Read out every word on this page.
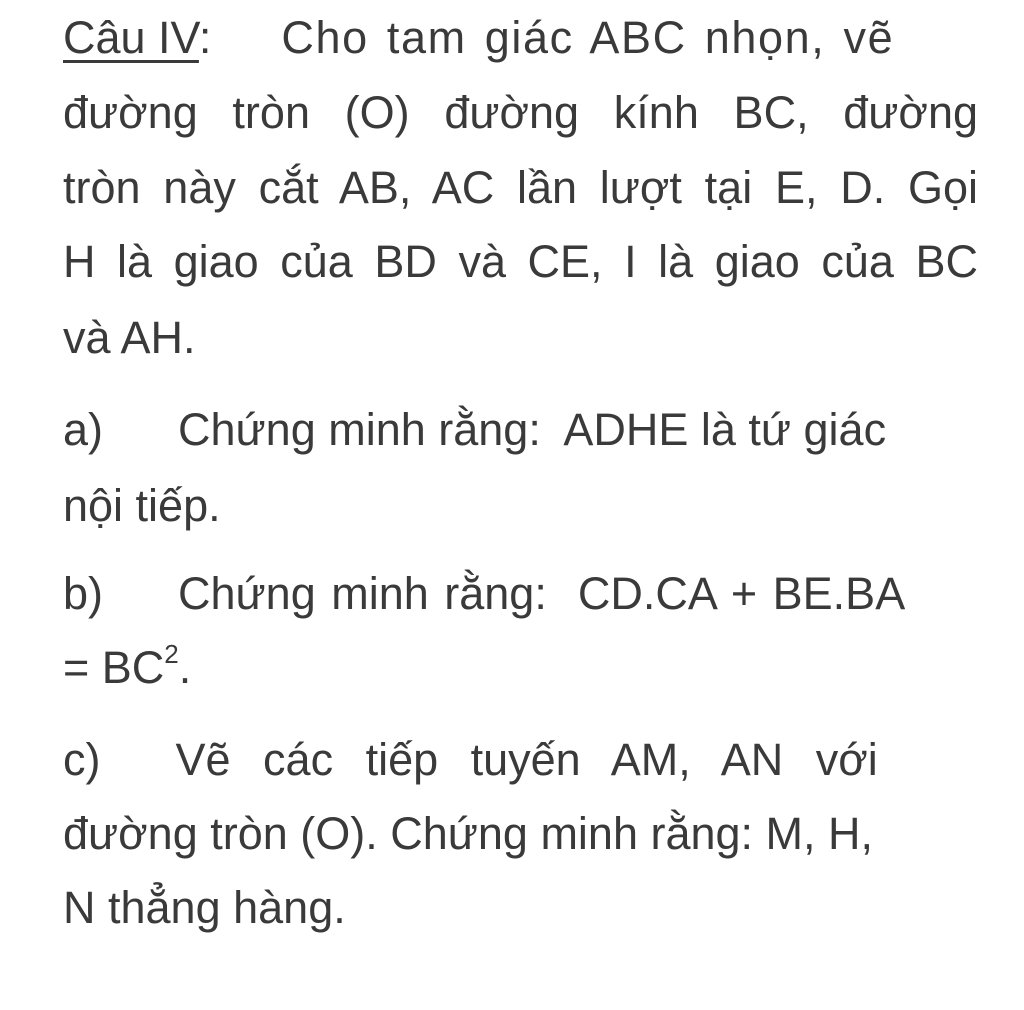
Câu IV: Cho tam giác ABC nhọn, vẽ
đường tròn (O) đường kính BC, đường
tròn này cắt AB, AC lần lượt tại E, D. Gọi
H là giao của BD và CE, I là giao của BC
và AH.
a) Chứng minh rằng:  ADHE là tứ giác
nội tiếp.
b) Chứng minh rằng:  CD.CA + BE.BA
= $BC^2$.
c) Vẽ các tiếp tuyến AM, AN với
đường tròn (O). Chứng minh rằng: M, H,
N thẳng hàng.
